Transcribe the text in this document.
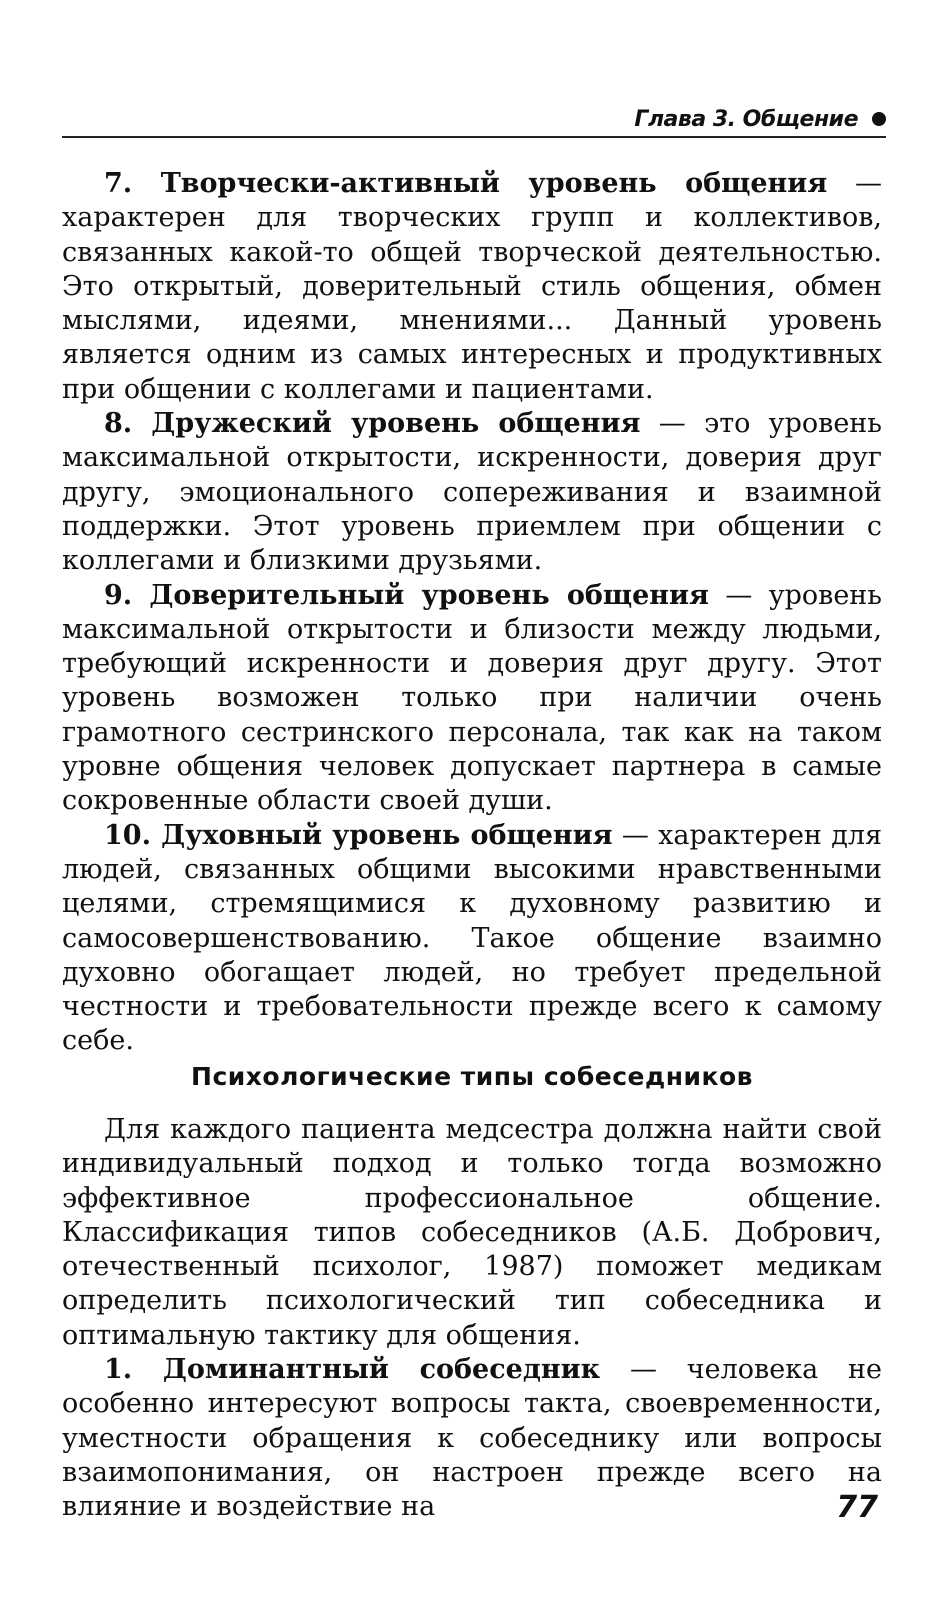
Глава 3. Общение

7. Творчески-активный уровень общения — характерен для творческих групп и коллективов, связанных какой-то общей творческой деятельностью. Это открытый, доверительный стиль общения, обмен мыслями, идеями, мнениями... Данный уровень является одним из самых интересных и продуктивных при общении с коллегами и пациентами.

8. Дружеский уровень общения — это уровень максимальной открытости, искренности, доверия друг другу, эмоционального сопереживания и взаимной поддержки. Этот уровень приемлем при общении с коллегами и близкими друзьями.

9. Доверительный уровень общения — уровень максимальной открытости и близости между людьми, требующий искренности и доверия друг другу. Этот уровень возможен только при наличии очень грамотного сестринского персонала, так как на таком уровне общения человек допускает партнера в самые сокровенные области своей души.

10. Духовный уровень общения — характерен для людей, связанных общими высокими нравственными целями, стремящимися к духовному развитию и самосовершенствованию. Такое общение взаимно духовно обогащает людей, но требует предельной честности и требовательности прежде всего к самому себе.

Психологические типы собеседников

Для каждого пациента медсестра должна найти свой индивидуальный подход и только тогда возможно эффективное профессиональное общение. Классификация типов собеседников (А.Б. Добрович, отечественный психолог, 1987) поможет медикам определить психологический тип собеседника и оптимальную тактику для общения.

1. Доминантный собеседник — человека не особенно интересуют вопросы такта, своевременности, уместности обращения к собеседнику или вопросы взаимопонимания, он настроен прежде всего на влияние и воздействие на	77
